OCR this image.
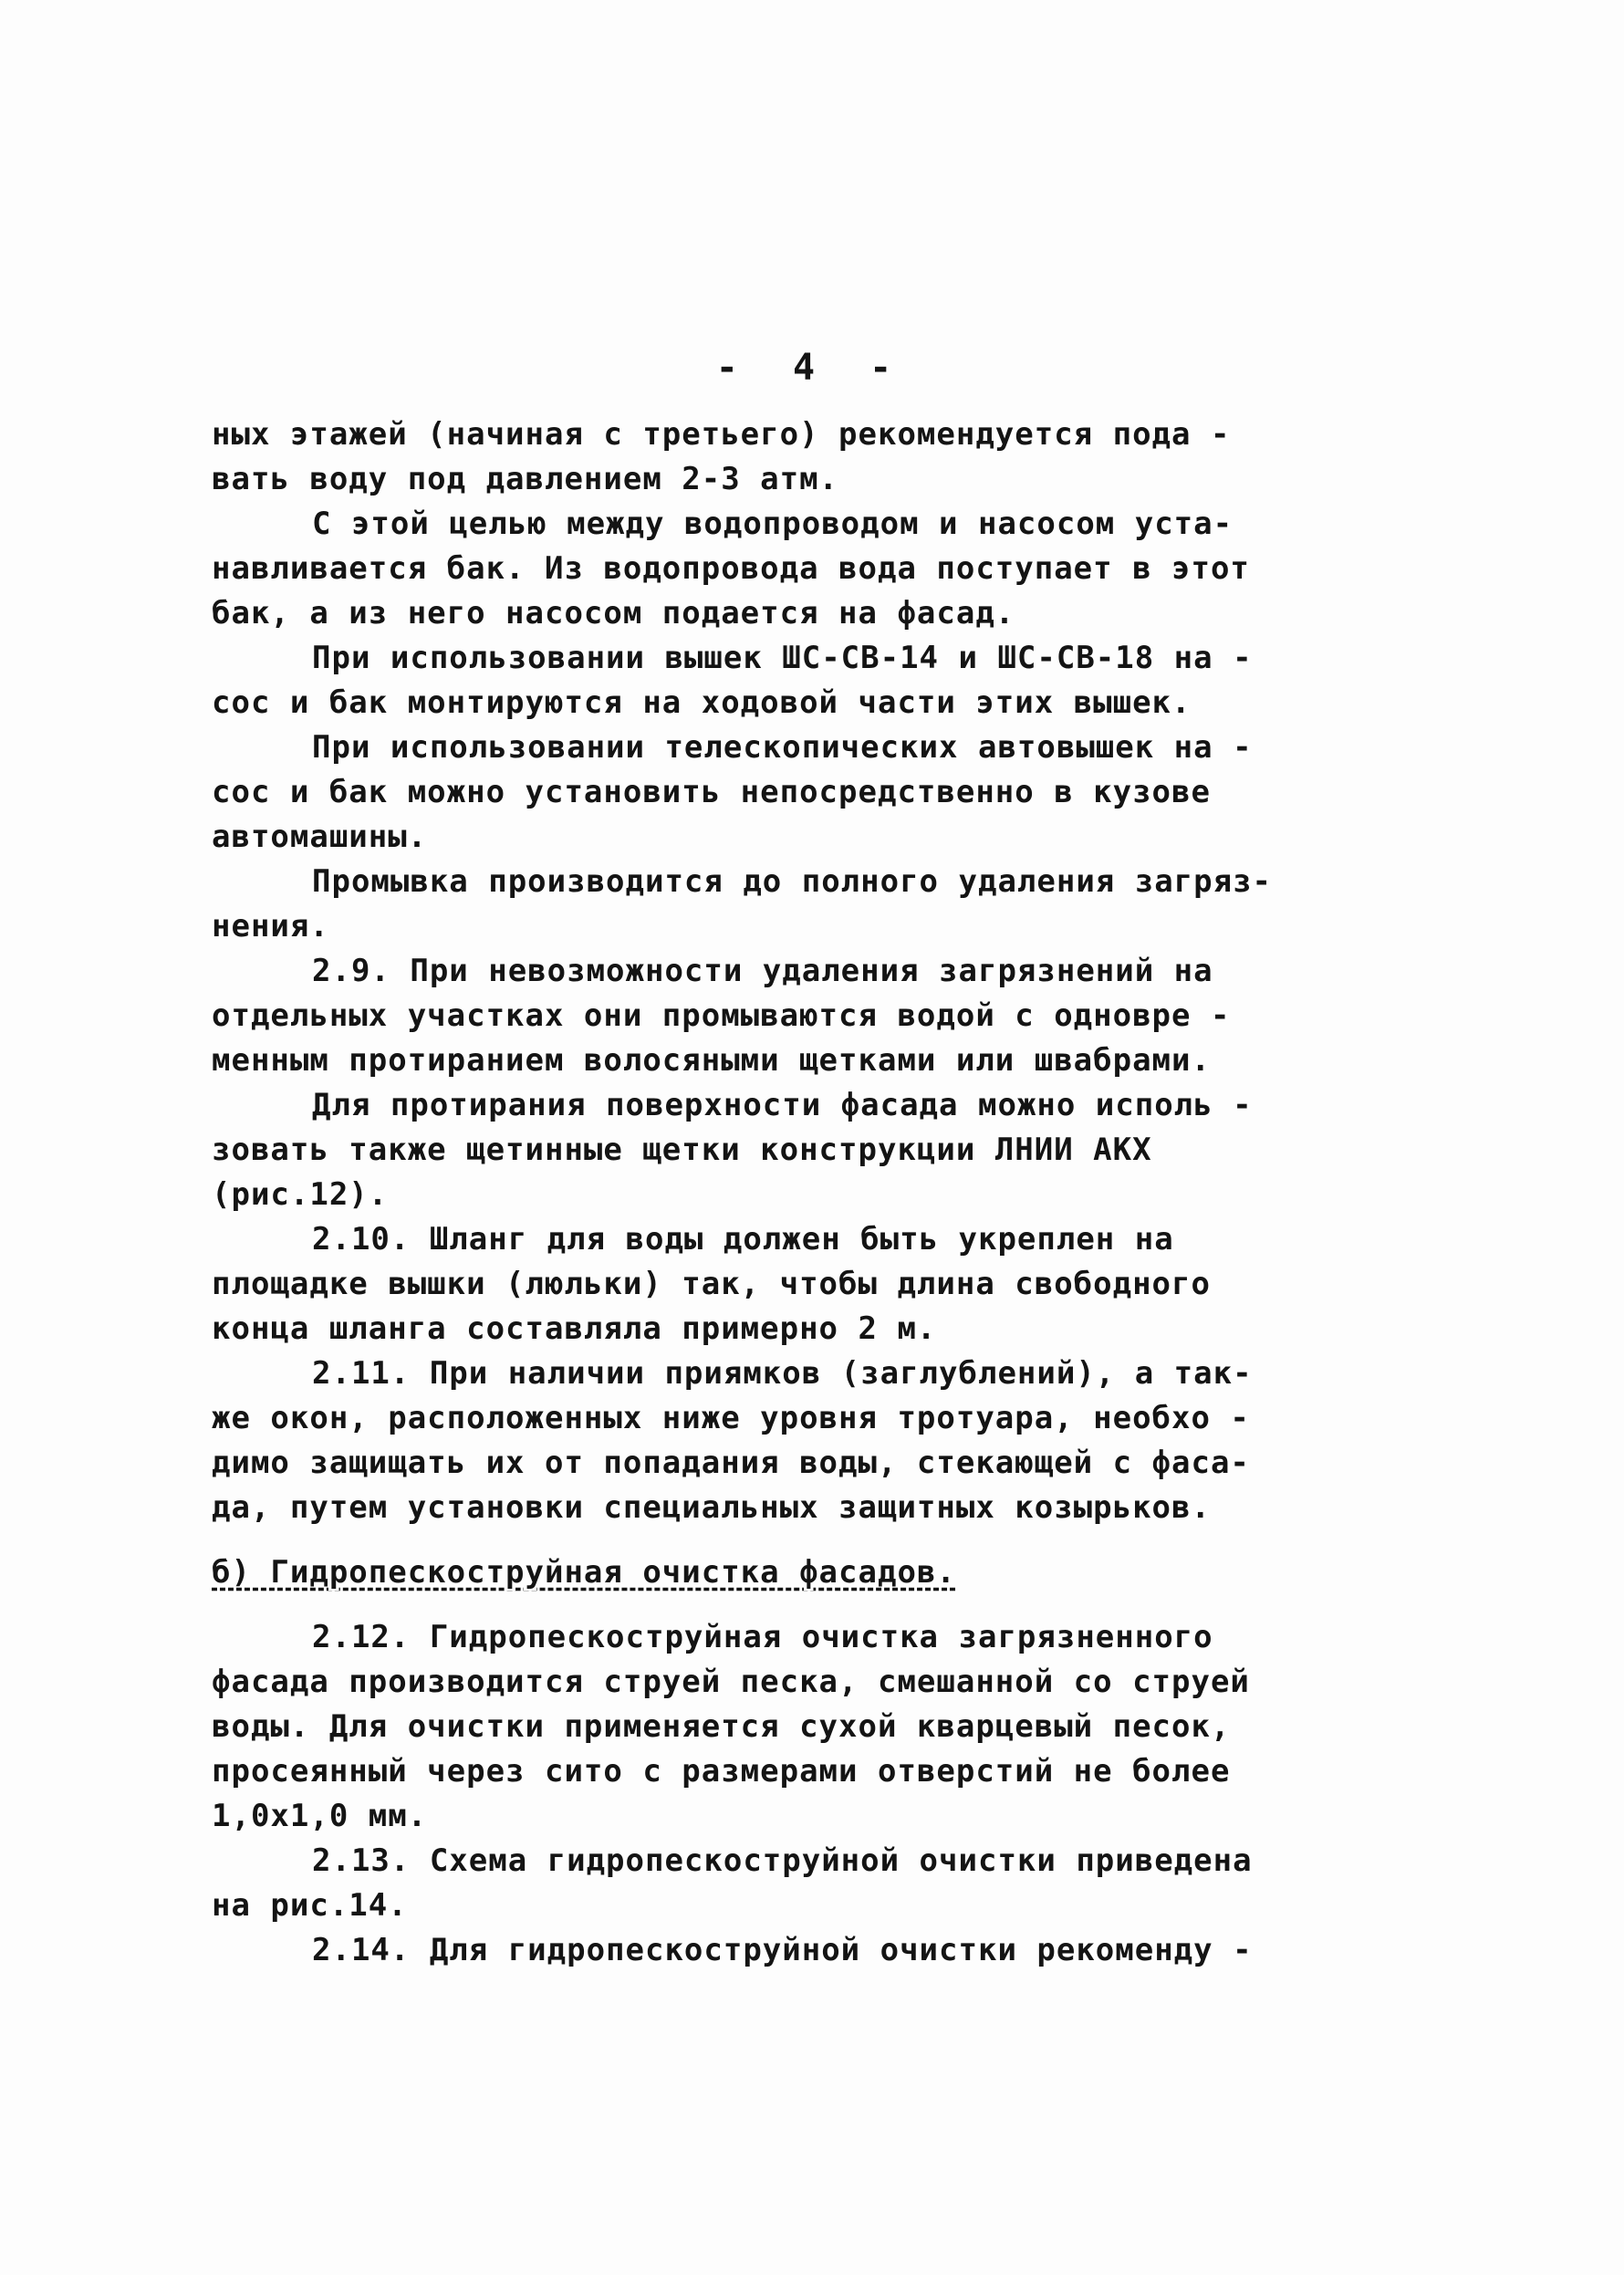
- 4 -
ных этажей (начиная с третьего) рекомендуется пода -
вать воду под давлением 2-3 атм.
С этой целью между водопроводом и насосом уста-
навливается бак. Из водопровода вода поступает в этот
бак, а из него насосом подается на фасад.
При использовании вышек ШС-СВ-14 и ШС-СВ-18 на -
сос и бак монтируются на ходовой части этих вышек.
При использовании телескопических автовышек на -
сос и бак можно установить непосредственно в кузове
автомашины.
Промывка производится до полного удаления загряз-
нения.
2.9. При невозможности удаления загрязнений на
отдельных участках они промываются водой с одновре -
менным протиранием волосяными щетками или швабрами.
Для протирания поверхности фасада можно исполь -
зовать также щетинные щетки конструкции ЛНИИ АКХ
(рис.12).
2.10. Шланг для воды должен быть укреплен на
площадке вышки (люльки) так, чтобы длина свободного
конца шланга составляла примерно 2 м.
2.11. При наличии приямков (заглублений), а так-
же окон, расположенных ниже уровня тротуара, необхо -
димо защищать их от попадания воды, стекающей с фаса-
да, путем установки специальных защитных козырьков.
б) Гидропескоструйная очистка фасадов.
2.12. Гидропескоструйная очистка загрязненного
фасада производится струей песка, смешанной со струей
воды. Для очистки применяется сухой кварцевый песок,
просеянный через сито с размерами отверстий не более
1,0х1,0 мм.
2.13. Схема гидропескоструйной очистки приведена
на рис.14.
2.14. Для гидропескоструйной очистки рекоменду -
